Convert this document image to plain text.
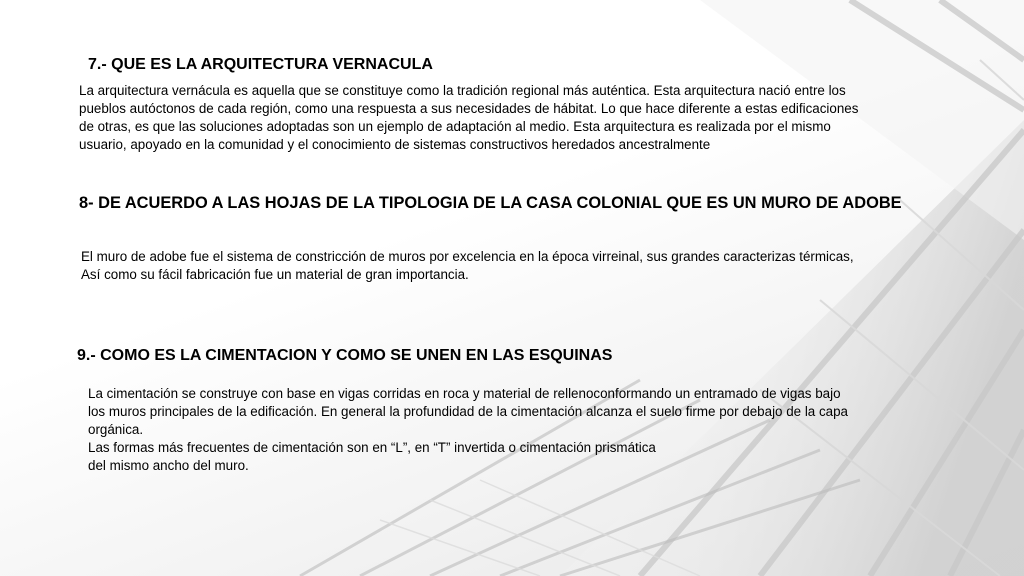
7.- QUE ES LA ARQUITECTURA VERNACULA

La arquitectura vernácula es aquella que se constituye como la tradición regional más auténtica. Esta arquitectura nació entre los

pueblos autóctonos de cada región, como una respuesta a sus necesidades de hábitat. Lo que hace diferente a estas edificaciones

de otras, es que las soluciones adoptadas son un ejemplo de adaptación al medio. Esta arquitectura es realizada por el mismo

usuario, apoyado en la comunidad y el conocimiento de sistemas constructivos heredados ancestralmente

8- DE ACUERDO A LAS HOJAS DE LA TIPOLOGIA DE LA CASA COLONIAL QUE ES UN MURO DE ADOBE

El muro de adobe fue el sistema de constricción de muros por excelencia en la época virreinal, sus grandes caracterizas térmicas,

Así como su fácil fabricación fue un material de gran importancia.

9.- COMO ES LA CIMENTACION Y COMO SE UNEN EN LAS ESQUINAS

La cimentación se construye con base en vigas corridas en roca y material de rellenoconformando un entramado de vigas bajo

los muros principales de la edificación. En general la profundidad de la cimentación alcanza el suelo firme por debajo de la capa

orgánica.

Las formas más frecuentes de cimentación son en “L”, en “T” invertida o cimentación prismática

del mismo ancho del muro.
